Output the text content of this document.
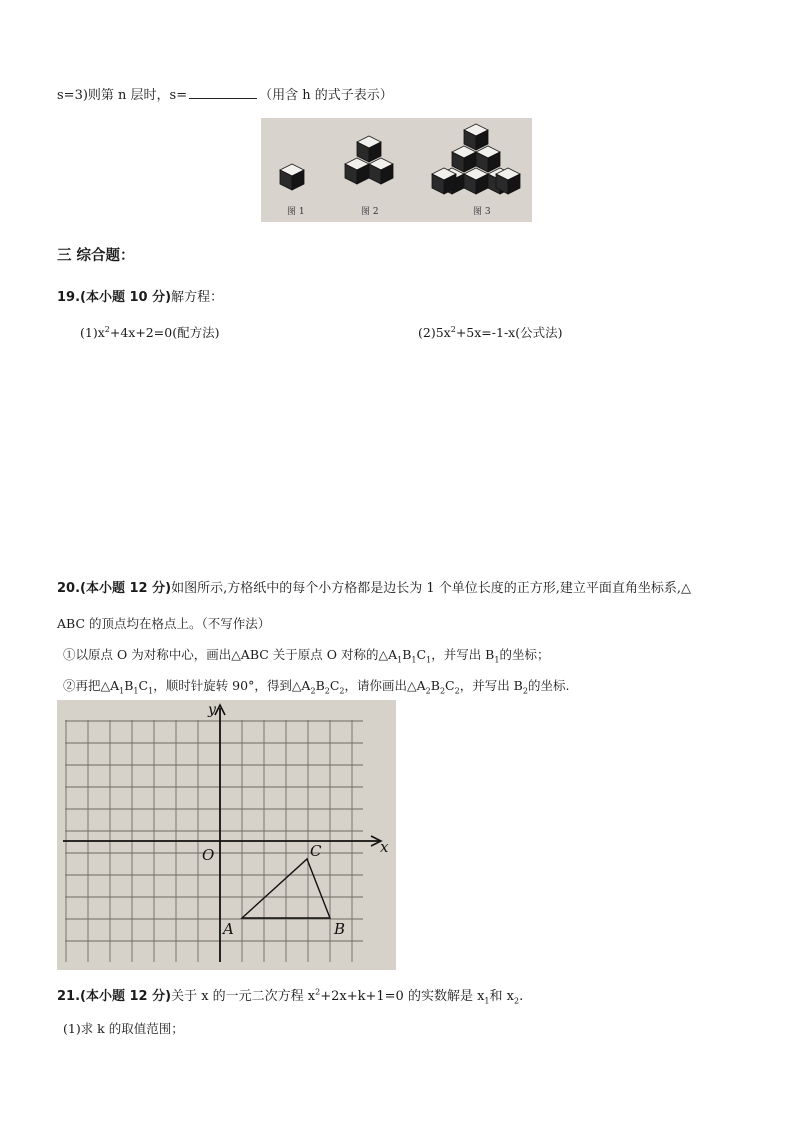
s=3)则第 n 层时，s=	（用含 h 的式子表示）
图 1	图 2	图 3
三 综合题：
19.(本小题 10 分)解方程：
$(1)x^2+4x+2=0$(配方法)	$(2)5x^2+5x=-1-x$(公式法)
20.(本小题 12 分)如图所示,方格纸中的每个小方格都是边长为 1 个单位长度的正方形,建立平面直角坐标系,△
ABC 的顶点均在格点上。（不写作法）
①以原点 O 为对称中心，画出△ABC 关于原点 O 对称的$\triangle A_1B_1C_1$，并写出 $B_1$的坐标；
②再把$\triangle A_1B_1C_1$，顺时针旋转 90°，得到$\triangle A_2B_2C_2$，请你画出$\triangle A_2B_2C_2$，并写出 $B_2$的坐标.
x
y
O
A	B
C
21.(本小题 12 分)关于 x 的一元二次方程 $x^2+2x+k+1=0$ 的实数解是 $x_1$和 $x_2$.
(1)求 k 的取值范围；
